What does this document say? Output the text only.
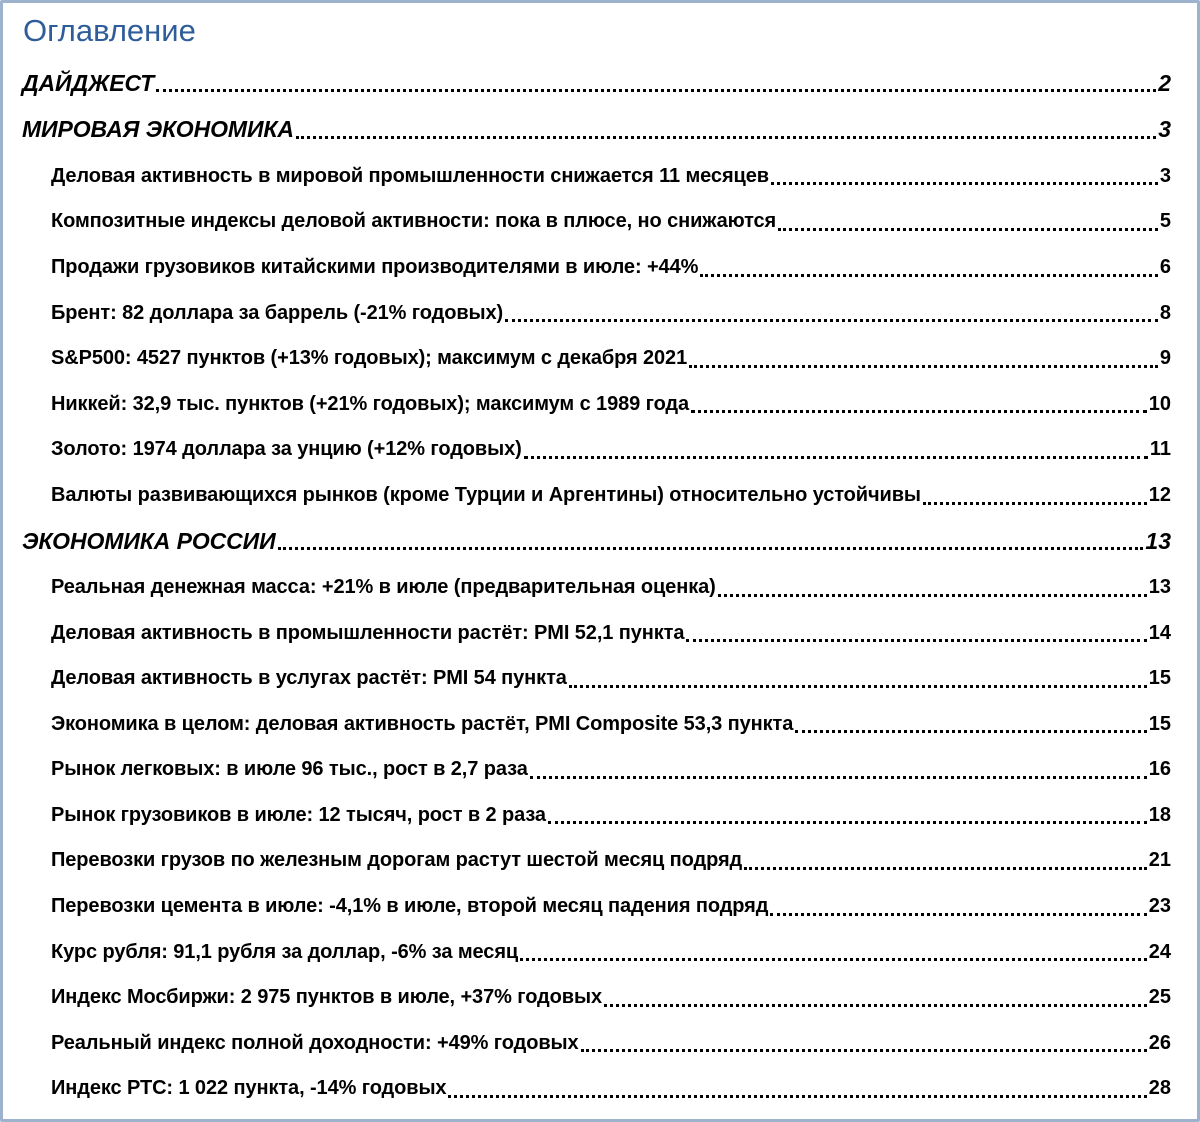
Оглавление
ДАЙДЖЕСТ	2
МИРОВАЯ ЭКОНОМИКА	3
Деловая активность в мировой промышленности снижается 11 месяцев	3
Композитные индексы деловой активности: пока в плюсе, но снижаются	5
Продажи грузовиков китайскими производителями в июле: +44%	6
Брент: 82 доллара за баррель (-21% годовых)	8
S&P500: 4527 пунктов (+13% годовых); максимум с декабря 2021	9
Никкей: 32,9 тыс. пунктов (+21% годовых); максимум с 1989 года	10
Золото: 1974 доллара за унцию (+12% годовых)	11
Валюты развивающихся рынков (кроме Турции и Аргентины) относительно устойчивы	12
ЭКОНОМИКА РОССИИ	13
Реальная денежная масса: +21% в июле (предварительная оценка)	13
Деловая активность в промышленности растёт: PMI 52,1 пункта	14
Деловая активность в услугах растёт: PMI 54 пункта	15
Экономика в целом: деловая активность растёт, PMI Composite 53,3 пункта	15
Рынок легковых: в июле 96 тыс., рост в 2,7 раза	16
Рынок грузовиков в июле: 12 тысяч, рост в 2 раза	18
Перевозки грузов по железным дорогам растут шестой месяц подряд	21
Перевозки цемента в июле: -4,1% в июле, второй месяц падения подряд	23
Курс рубля: 91,1 рубля за доллар, -6% за месяц	24
Индекс Мосбиржи: 2 975 пунктов в июле, +37% годовых	25
Реальный индекс полной доходности: +49% годовых	26
Индекс РТС: 1 022 пункта, -14% годовых	28
